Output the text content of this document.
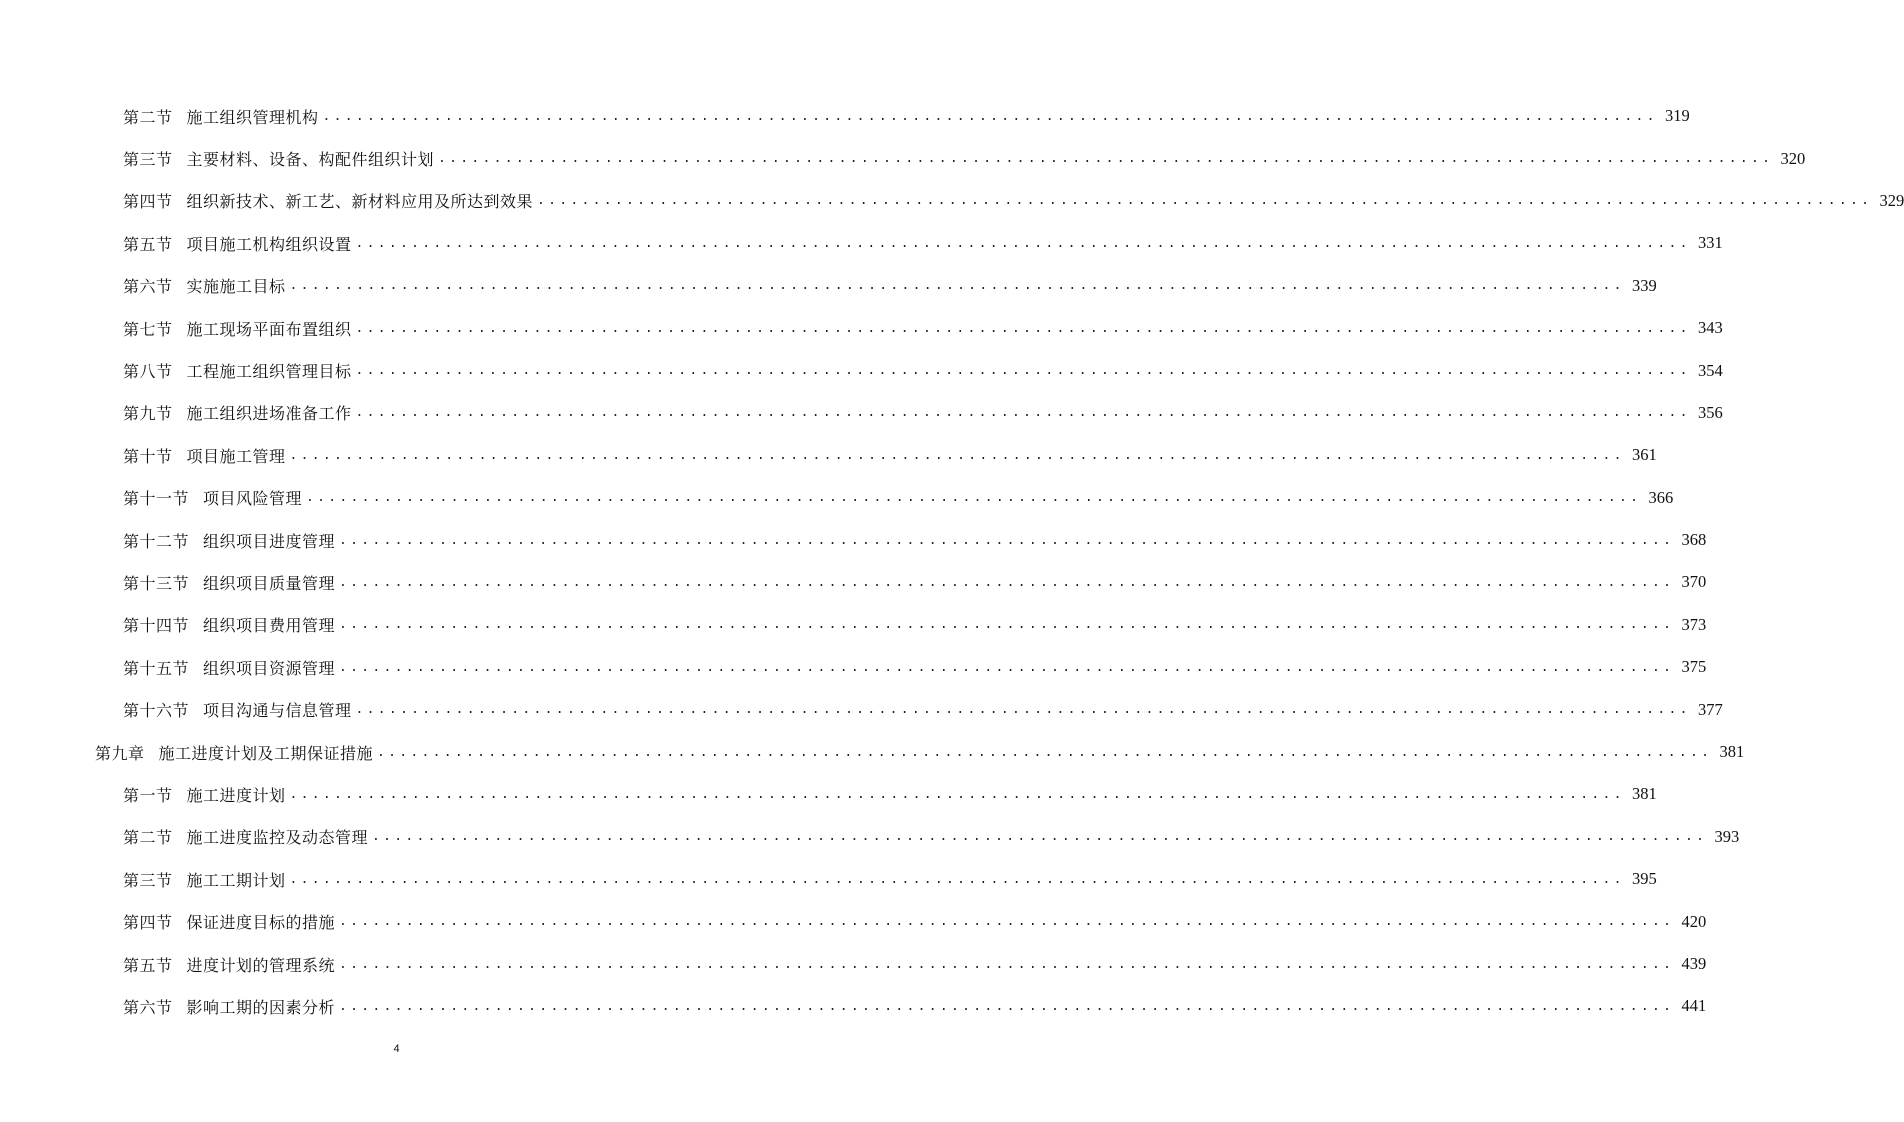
第二节 施工组织管理机构 ........................................................................................................................ 319
第三节 主要材料、设备、构配件组织计划 ........................................................................................................................ 320
第四节 组织新技术、新工艺、新材料应用及所达到效果 ........................................................................................................................ 329
第五节 项目施工机构组织设置 ........................................................................................................................ 331
第六节 实施施工目标 ........................................................................................................................ 339
第七节 施工现场平面布置组织 ........................................................................................................................ 343
第八节 工程施工组织管理目标 ........................................................................................................................ 354
第九节 施工组织进场准备工作 ........................................................................................................................ 356
第十节 项目施工管理 ........................................................................................................................ 361
第十一节 项目风险管理 ........................................................................................................................ 366
第十二节 组织项目进度管理 ........................................................................................................................ 368
第十三节 组织项目质量管理 ........................................................................................................................ 370
第十四节 组织项目费用管理 ........................................................................................................................ 373
第十五节 组织项目资源管理 ........................................................................................................................ 375
第十六节 项目沟通与信息管理 ........................................................................................................................ 377
第九章 施工进度计划及工期保证措施 ........................................................................................................................ 381
第一节 施工进度计划 ........................................................................................................................ 381
第二节 施工进度监控及动态管理 ........................................................................................................................ 393
第三节 施工工期计划 ........................................................................................................................ 395
第四节 保证进度目标的措施 ........................................................................................................................ 420
第五节 进度计划的管理系统 ........................................................................................................................ 439
第六节 影响工期的因素分析 ........................................................................................................................ 441
4
